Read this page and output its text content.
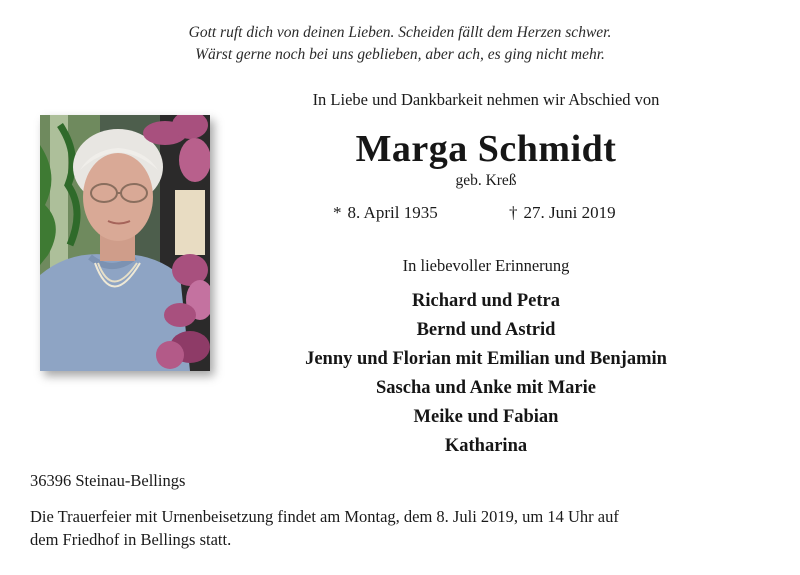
Gott ruft dich von deinen Lieben. Scheiden fällt dem Herzen schwer.
Wärst gerne noch bei uns geblieben, aber ach, es ging nicht mehr.
In Liebe und Dankbarkeit nehmen wir Abschied von
Marga Schmidt
geb. Kreß
* 8. April 1935	† 27. Juni 2019
In liebevoller Erinnerung
Richard und Petra
Bernd und Astrid
Jenny und Florian mit Emilian und Benjamin
Sascha und Anke mit Marie
Meike und Fabian
Katharina
36396 Steinau-Bellings
Die Trauerfeier mit Urnenbeisetzung findet am Montag, dem 8. Juli 2019, um 14 Uhr auf
dem Friedhof in Bellings statt.
